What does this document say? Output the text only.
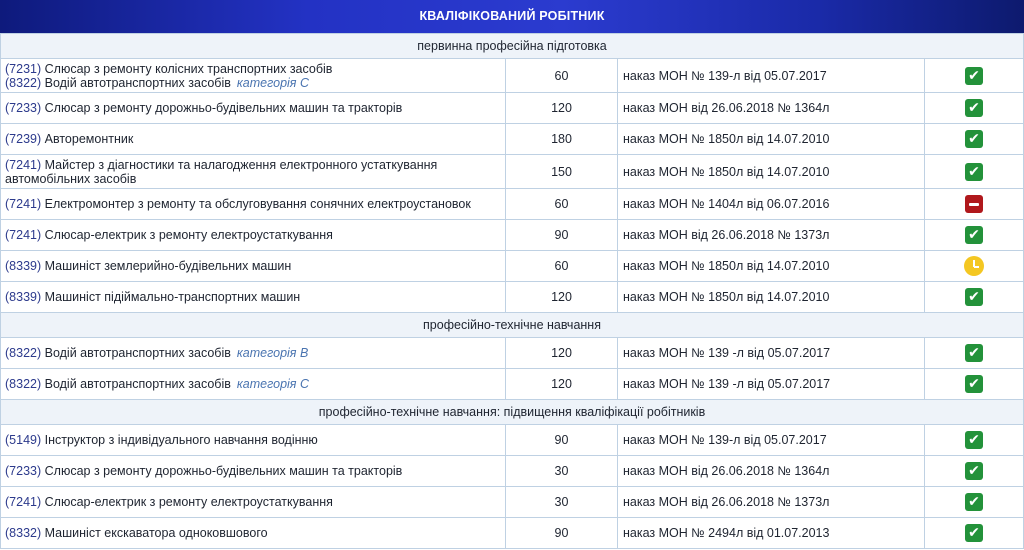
КВАЛІФІКОВАНИЙ РОБІТНИК
первинна професійна підготовка			

(7231) Слюсар з ремонту колісних транспортних засобів
(8322) Водій автотранспортних засобів категорія С	60	наказ МОН № 139-л від 05.07.2017	✔

(7233) Слюсар з ремонту дорожньо-будівельних машин та тракторів	120	наказ МОН від 26.06.2018 № 1364л	✔

(7239) Авторемонтник	180	наказ МОН № 1850л від 14.07.2010	✔

(7241) Майстер з діагностики та налагодження електронного устаткування
автомобільних засобів	150	наказ МОН № 1850л від 14.07.2010	✔

(7241) Електромонтер з ремонту та обслуговування сонячних електроустановок	60	наказ МОН № 1404л від 06.07.2016	

(7241) Слюсар-електрик з ремонту електроустаткування	90	наказ МОН від 26.06.2018 № 1373л	✔

(8339) Машиніст землерийно-будівельних машин	60	наказ МОН № 1850л від 14.07.2010	

(8339) Машиніст підіймально-транспортних машин	120	наказ МОН № 1850л від 14.07.2010	✔
професійно-технічне навчання			

(8322) Водій автотранспортних засобів категорія В	120	наказ МОН № 139 -л від 05.07.2017	✔

(8322) Водій автотранспортних засобів категорія С	120	наказ МОН № 139 -л від 05.07.2017	✔
професійно-технічне навчання: підвищення кваліфікації робітників			

(5149) Інструктор з індивідуального навчання водінню	90	наказ МОН № 139-л від 05.07.2017	✔

(7233) Слюсар з ремонту дорожньо-будівельних машин та тракторів	30	наказ МОН від 26.06.2018 № 1364л	✔

(7241) Слюсар-електрик з ремонту електроустаткування	30	наказ МОН від 26.06.2018 № 1373л	✔

(8332) Машиніст екскаватора одноковшового	90	наказ МОН № 2494л від 01.07.2013	✔
